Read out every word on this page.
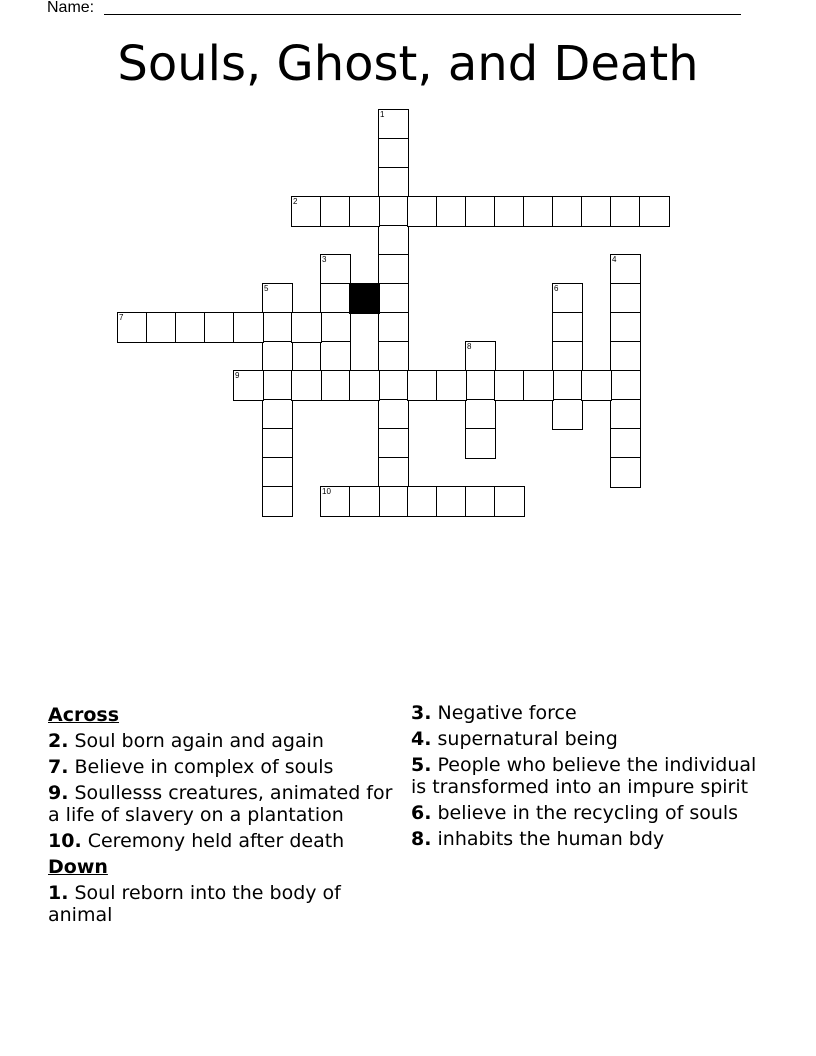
Name:
Souls, Ghost, and Death
1
2
3	4
5	6
7
8
9
10
Across
2. Soul born again and again
7. Believe in complex of souls
9. Soullesss creatures, animated for a life of slavery on a plantation
10. Ceremony held after death
Down
1. Soul reborn into the body of animal
3. Negative force
4. supernatural being
5. People who believe the individual is transformed into an impure spirit
6. believe in the recycling of souls
8. inhabits the human bdy
